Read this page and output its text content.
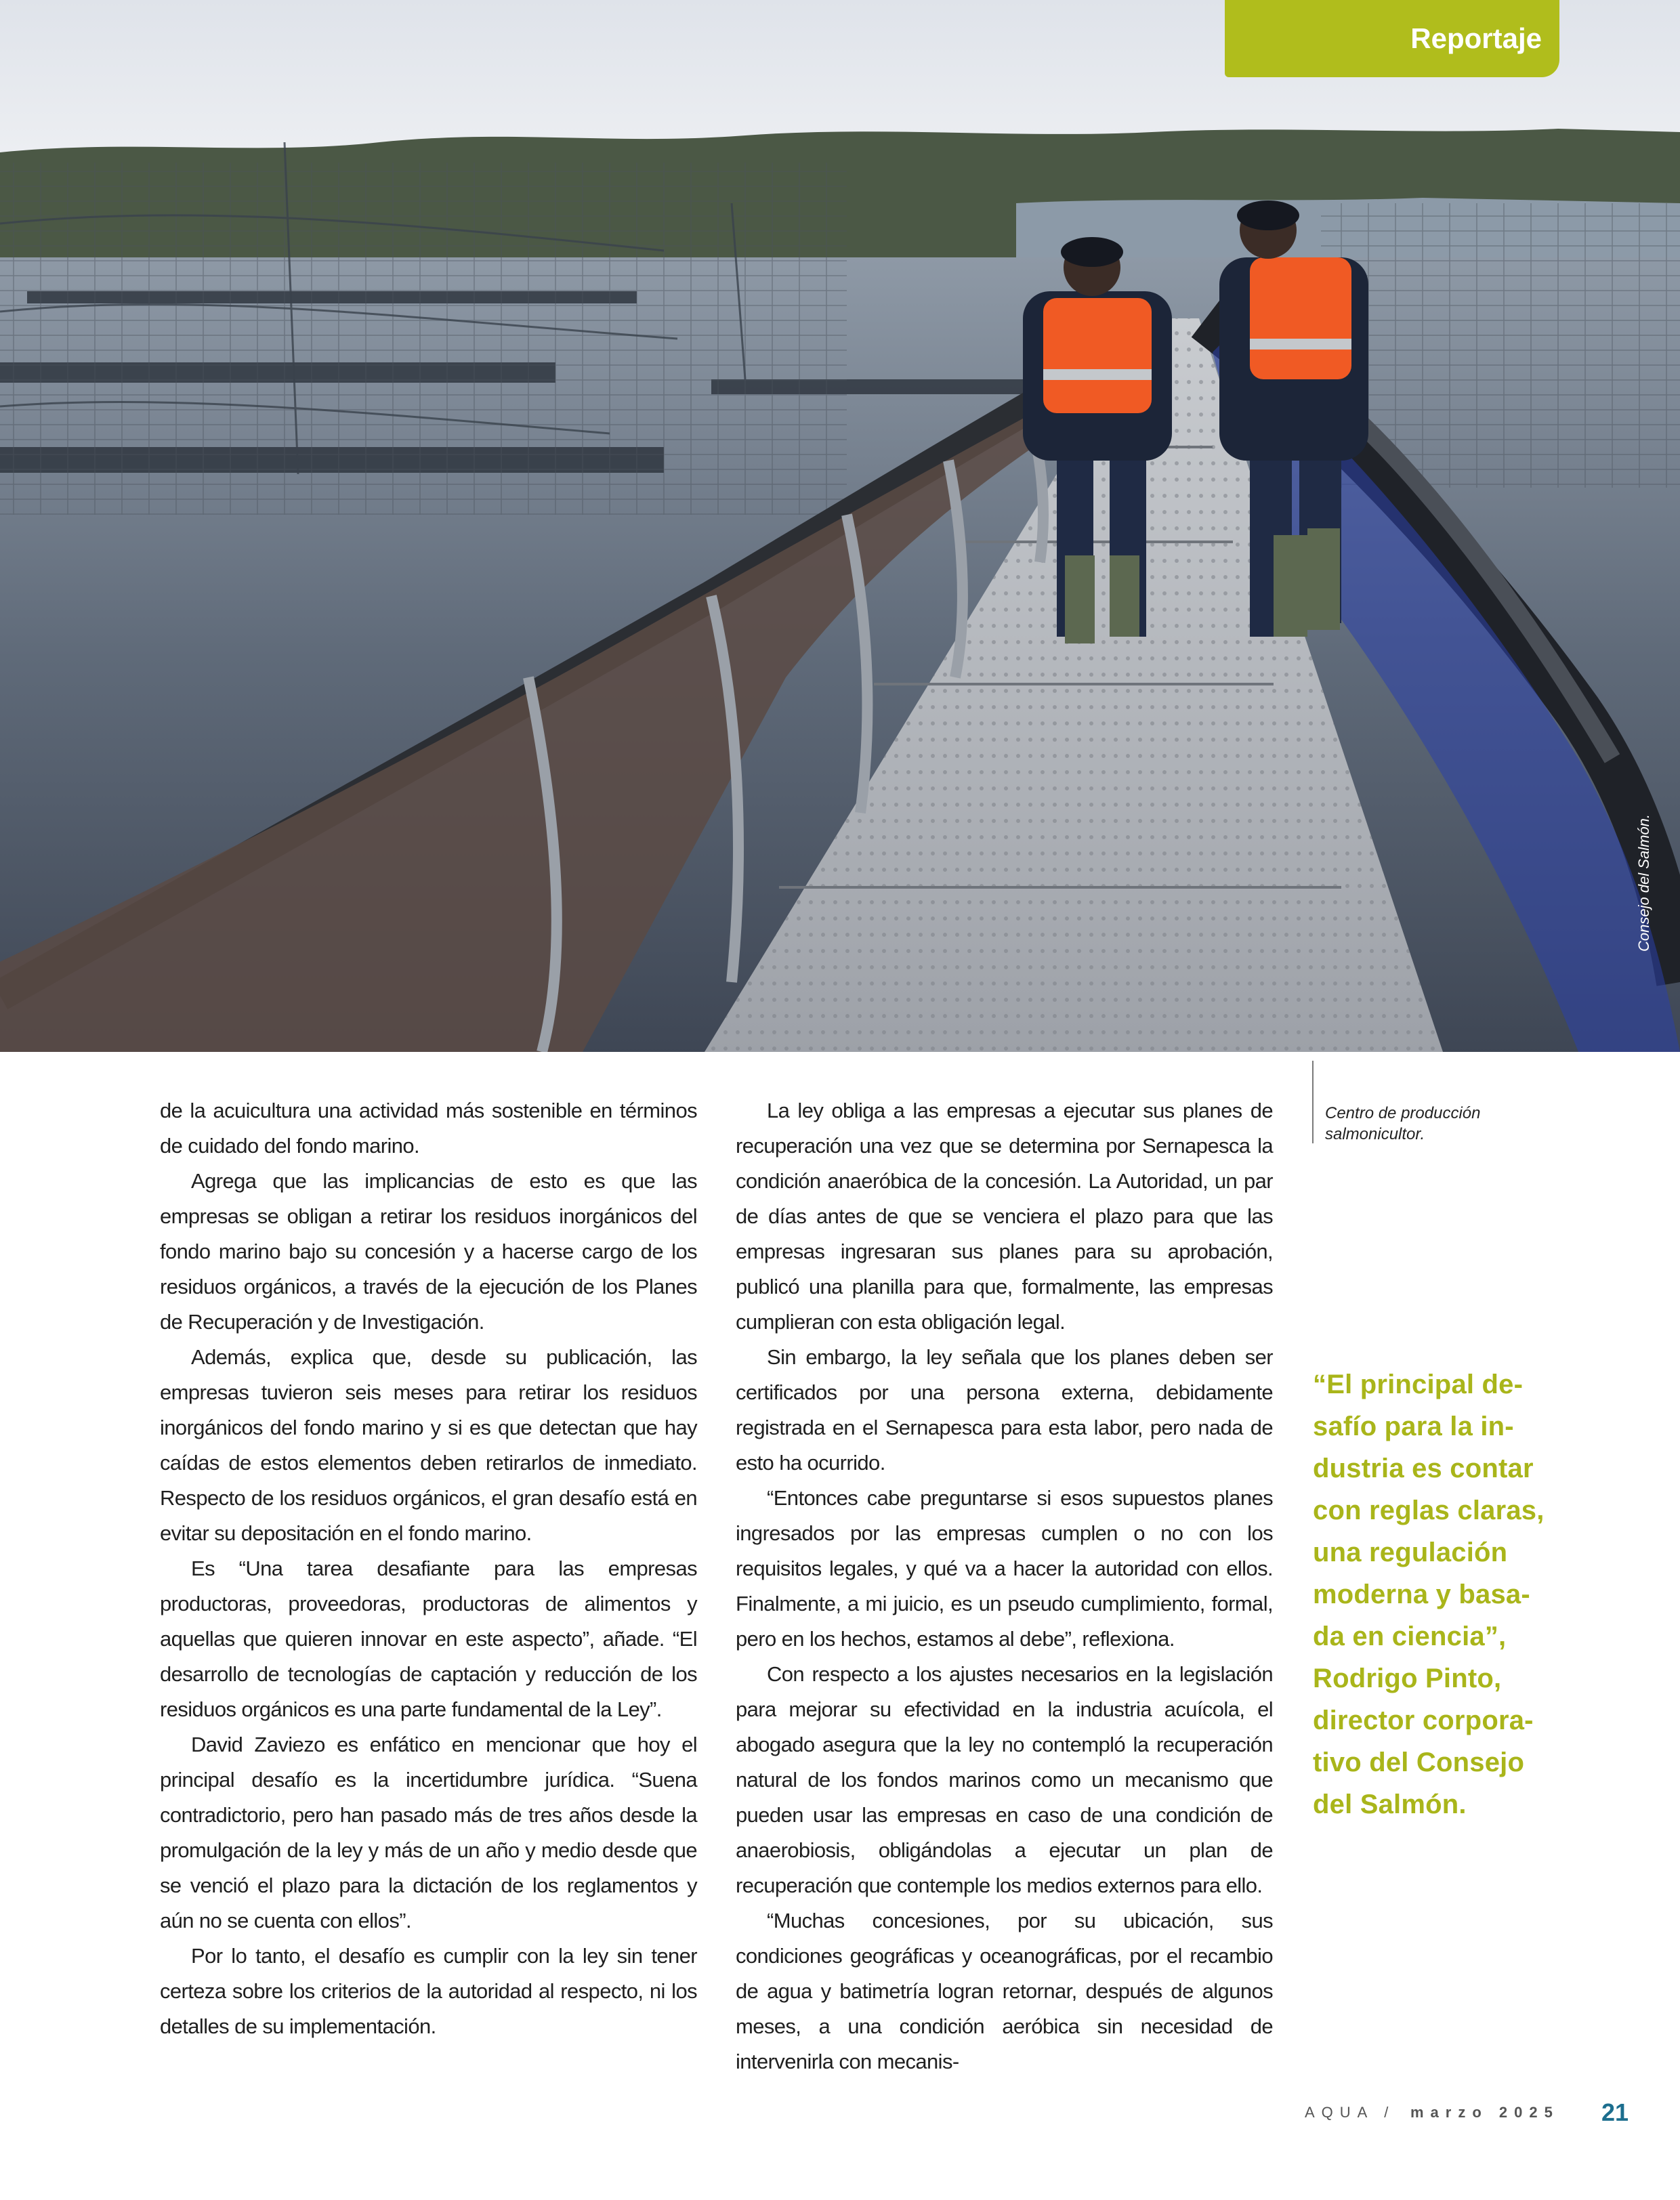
Reportaje
Consejo del Salmón.
Centro de producción salmonicultor.

de la acuicultura una actividad más sostenible en términos de cuidado del fondo marino.

Agrega que las implicancias de esto es que las empresas se obligan a retirar los residuos inorgánicos del fondo marino bajo su concesión y a hacerse cargo de los residuos orgánicos, a través de la ejecución de los Planes de Recuperación y de Investigación.

Además, explica que, desde su publicación, las empresas tuvieron seis meses para retirar los residuos inorgánicos del fondo marino y si es que detectan que hay caídas de estos elementos deben retirarlos de inmediato. Respecto de los residuos orgánicos, el gran desafío está en evitar su depositación en el fondo marino.

Es “Una tarea desafiante para las empresas productoras, proveedoras, productoras de alimentos y aquellas que quieren innovar en este aspecto”, añade. “El desarrollo de tecnologías de captación y reducción de los residuos orgánicos es una parte fundamental de la Ley”.

David Zaviezo es enfático en mencionar que hoy el principal desafío es la incertidumbre jurídica. “Suena contradictorio, pero han pasado más de tres años desde la promulgación de la ley y más de un año y medio desde que se venció el plazo para la dictación de los reglamentos y aún no se cuenta con ellos”.

Por lo tanto, el desafío es cumplir con la ley sin tener certeza sobre los criterios de la autoridad al respecto, ni los detalles de su implementación.

La ley obliga a las empresas a ejecutar sus planes de recuperación una vez que se determina por Sernapesca la condición anaeróbica de la concesión. La Autoridad, un par de días antes de que se venciera el plazo para que las empresas ingresaran sus planes para su aprobación, publicó una planilla para que, formalmente, las empresas cumplieran con esta obligación legal.

Sin embargo, la ley señala que los planes deben ser certificados por una persona externa, debidamente registrada en el Sernapesca para esta labor, pero nada de esto ha ocurrido.

“Entonces cabe preguntarse si esos supuestos planes ingresados por las empresas cumplen o no con los requisitos legales, y qué va a hacer la autoridad con ellos. Finalmente, a mi juicio, es un pseudo cumplimiento, formal, pero en los hechos, estamos al debe”, reflexiona.

Con respecto a los ajustes necesarios en la legislación para mejorar su efectividad en la industria acuícola, el abogado asegura que la ley no contempló la recuperación natural de los fondos marinos como un mecanismo que pueden usar las empresas en caso de una condición de anaerobiosis, obligándolas a ejecutar un plan de recuperación que contemple los medios externos para ello.

“Muchas concesiones, por su ubicación, sus condiciones geográficas y oceanográficas, por el recambio de agua y batimetría logran retornar, después de algunos meses, a una condición aeróbica sin necesidad de intervenirla con mecanis-

“El principal de-
safío para la in-
dustria es contar
con reglas claras,
una regulación
moderna y basa-
da en ciencia”,
Rodrigo Pinto,
director corpora-
tivo del Consejo
del Salmón.
AQUA / marzo 2025 21
